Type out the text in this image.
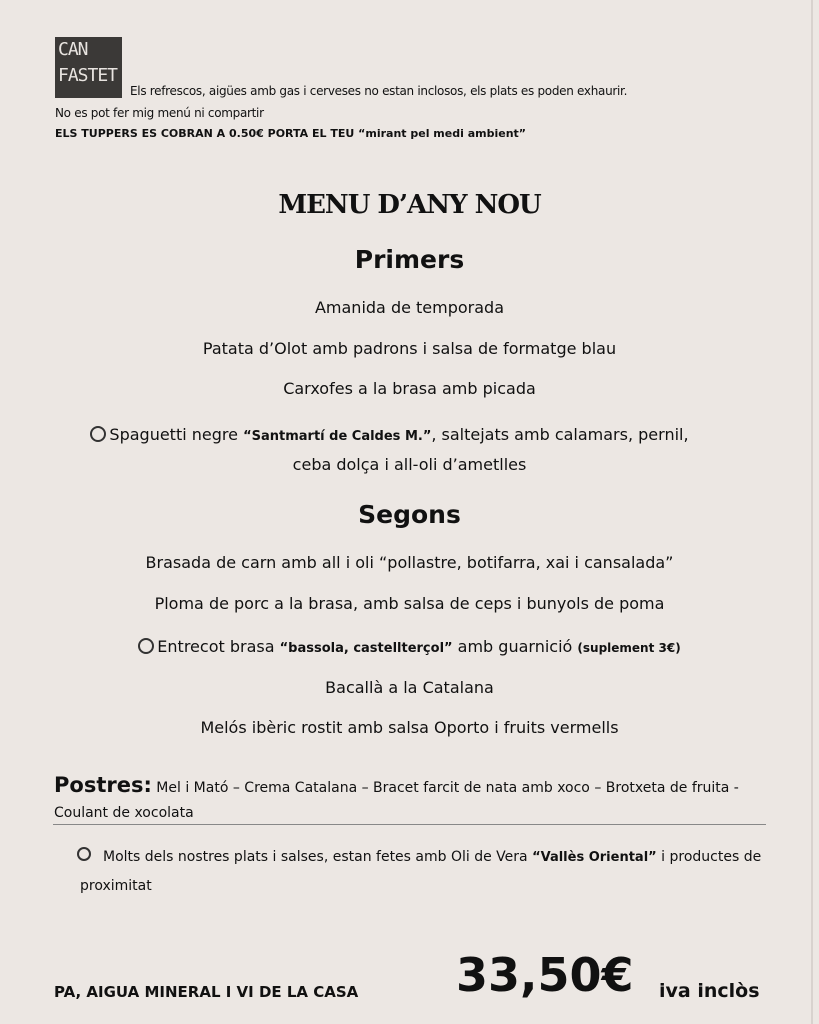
CAN
FASTET
Els refrescos, aigües amb gas i cerveses no estan inclosos, els plats es poden exhaurir.
No es pot fer mig menú ni compartir
ELS TUPPERS ES COBRAN A 0.50€ PORTA EL TEU “mirant pel medi ambient”
MENU D’ANY NOU
Primers
Amanida de temporada
Patata d’Olot amb padrons i salsa de formatge blau
Carxofes a la brasa amb picada
Spaguetti negre “Santmartí de Caldes M.”, saltejats amb calamars, pernil,
ceba dolça i all-oli d’ametlles
Segons
Brasada de carn amb all i oli “pollastre, botifarra, xai i cansalada”
Ploma de porc a la brasa, amb salsa de ceps i bunyols de poma
Entrecot brasa “bassola, castellterçol” amb guarnició (suplement 3€)
Bacallà a la Catalana
Melós ibèric rostit amb salsa Oporto i fruits vermells
Postres: Mel i Mató – Crema Catalana – Bracet farcit de nata amb xoco – Brotxeta de fruita - Coulant de xocolata
Molts dels nostres plats i salses, estan fetes amb Oli de Vera “Vallès Oriental” i productes de proximitat
PA, AIGUA MINERAL I VI DE LA CASA 33,50€ iva inclòs
